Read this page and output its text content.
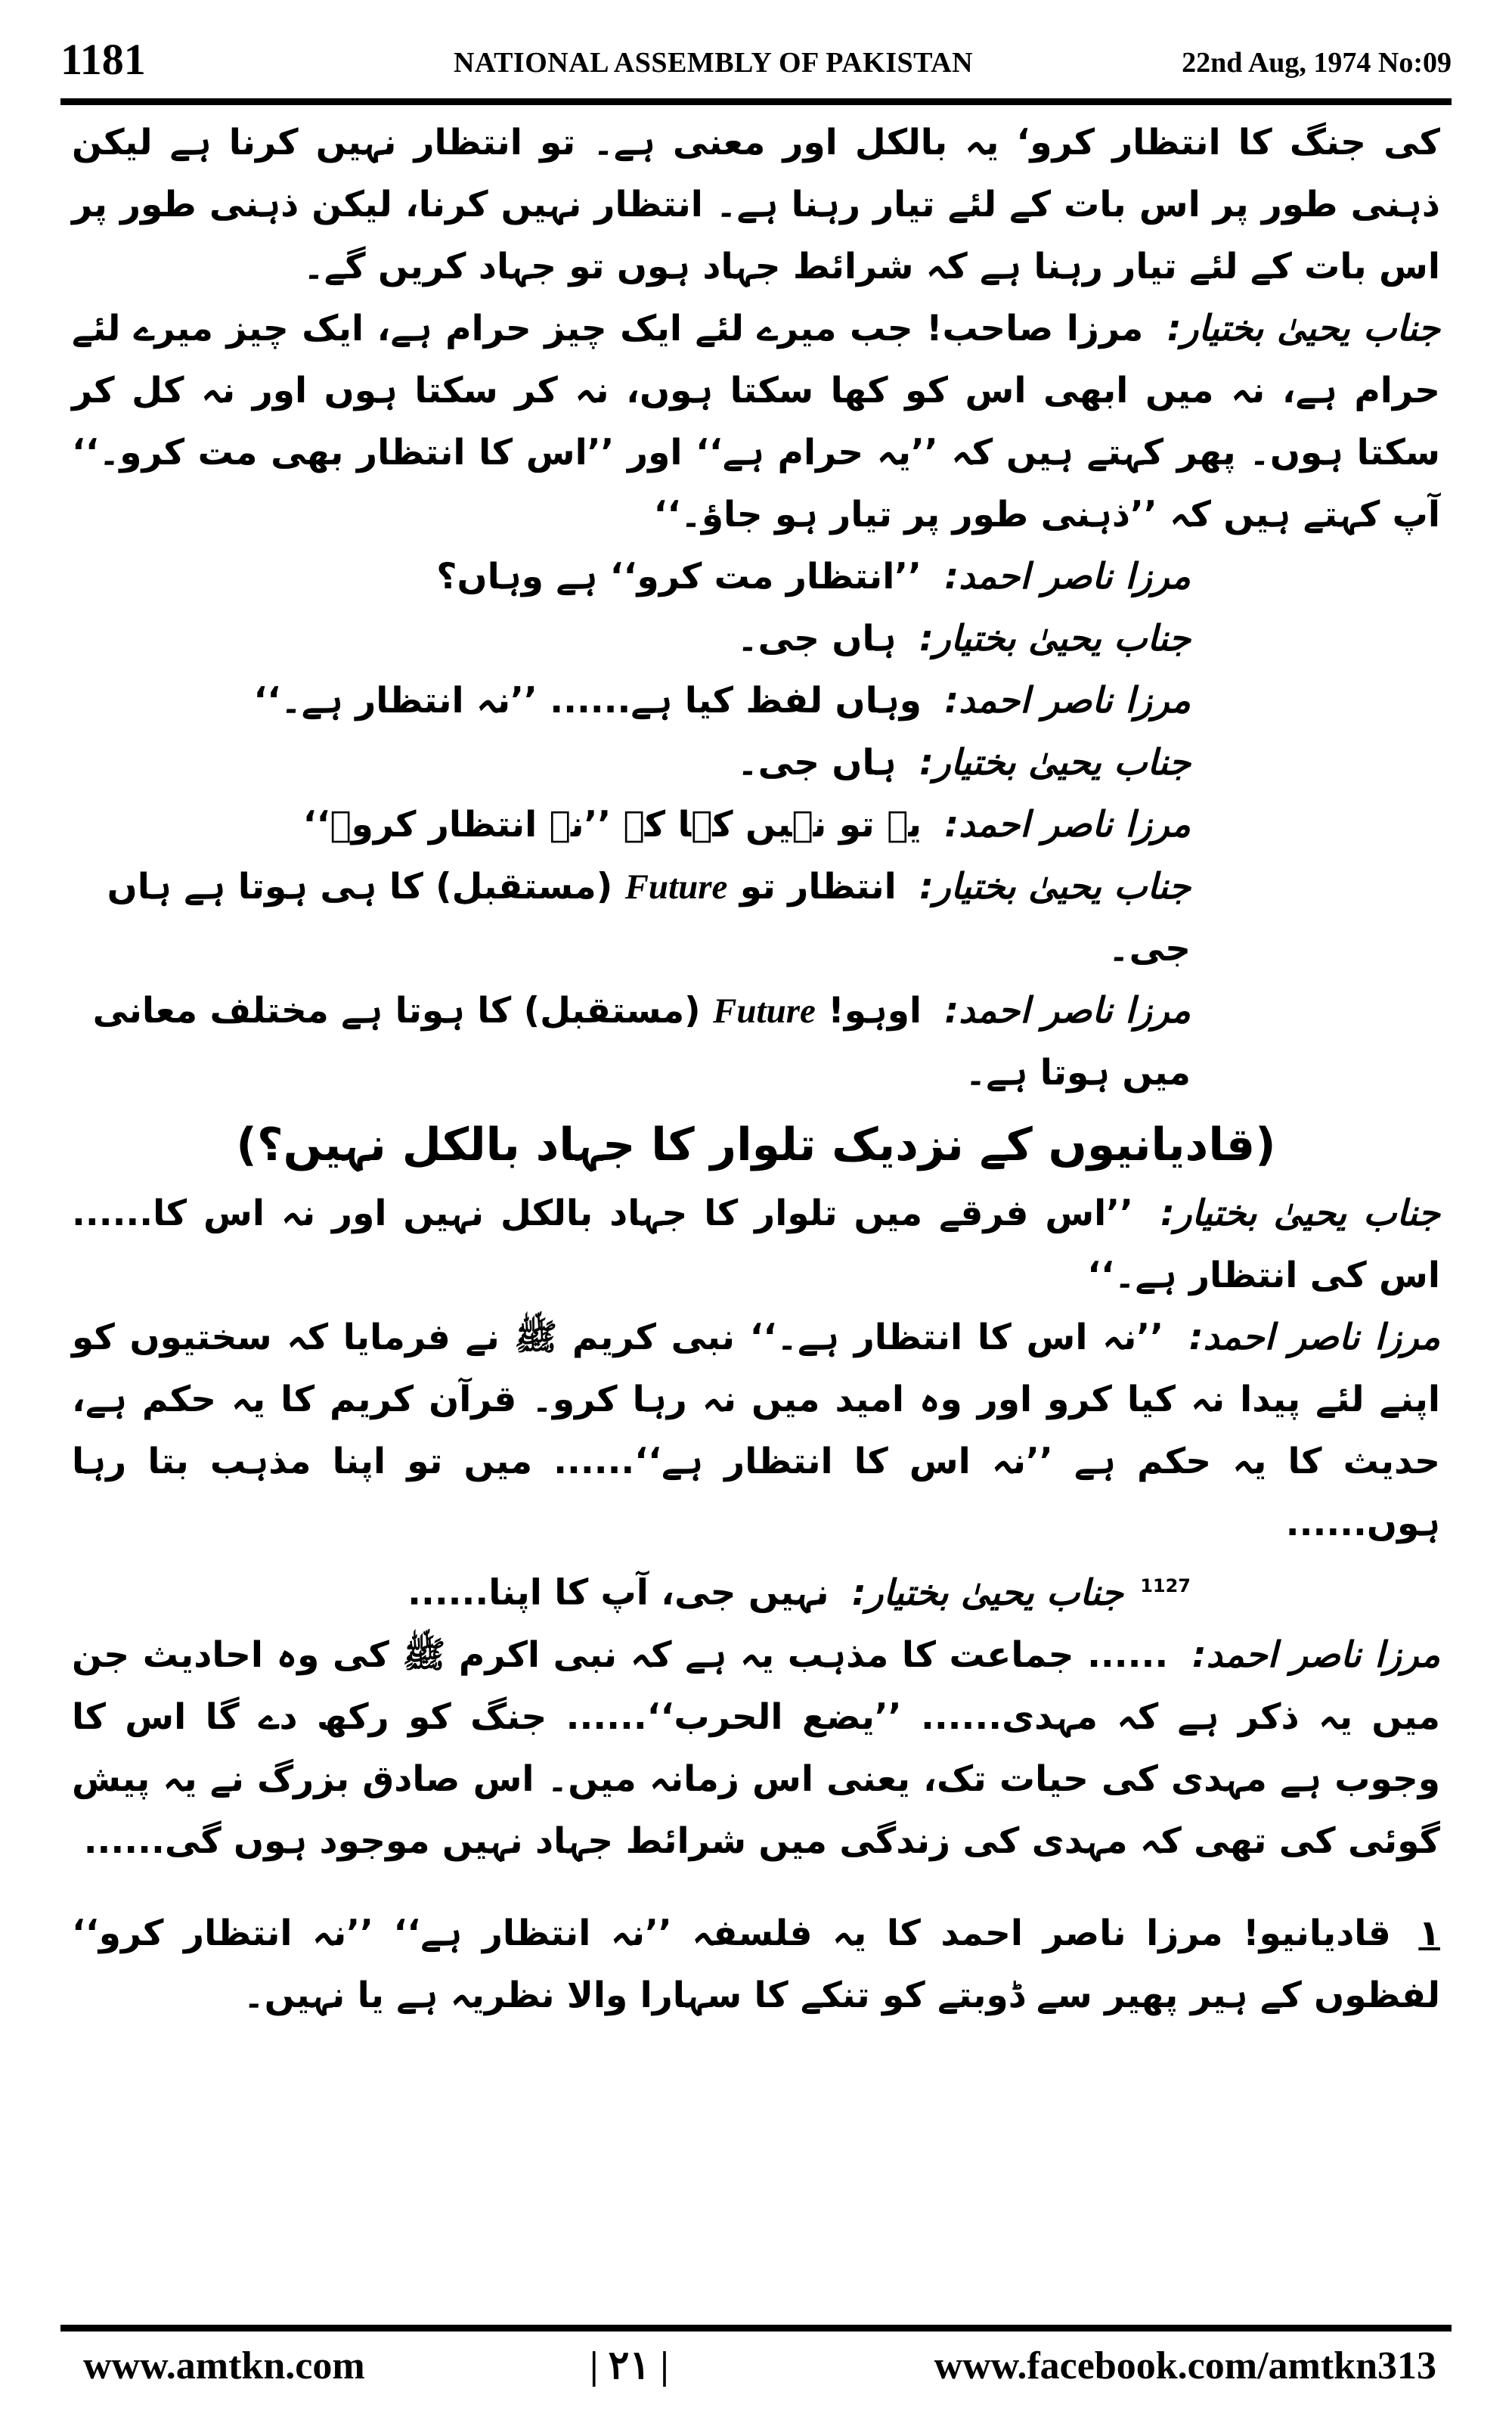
1181	NATIONAL ASSEMBLY OF PAKISTAN	22nd Aug, 1974 No:09

کی جنگ کا انتظار کرو‘ یہ بالکل اور معنی ہے۔ تو انتظار نہیں کرنا ہے لیکن ذہنی طور پر اس بات کے لئے تیار رہنا ہے۔ انتظار نہیں کرنا، لیکن ذہنی طور پر اس بات کے لئے تیار رہنا ہے کہ شرائط جہاد ہوں تو جہاد کریں گے۔

جناب یحییٰ بختیار: مرزا صاحب! جب میرے لئے ایک چیز حرام ہے، ایک چیز میرے لئے حرام ہے، نہ میں ابھی اس کو کھا سکتا ہوں، نہ کر سکتا ہوں اور نہ کل کر سکتا ہوں۔ پھر کہتے ہیں کہ ’’یہ حرام ہے‘‘ اور ’’اس کا انتظار بھی مت کرو۔‘‘ آپ کہتے ہیں کہ ’’ذہنی طور پر تیار ہو جاؤ۔‘‘

مرزا ناصر احمد: ’’انتظار مت کرو‘‘ ہے وہاں؟

جناب یحییٰ بختیار: ہاں جی۔

مرزا ناصر احمد: وہاں لفظ کیا ہے...... ’’نہ انتظار ہے۔‘‘

جناب یحییٰ بختیار: ہاں جی۔

مرزا ناصر احمد: یہ تو نہیں کہا کہ ’’نہ انتظار کروؓ‘‘

جناب یحییٰ بختیار: انتظار تو Future (مستقبل) کا ہی ہوتا ہے ہاں جی۔

مرزا ناصر احمد: اوہو! Future (مستقبل) کا ہوتا ہے مختلف معانی میں ہوتا ہے۔

(قادیانیوں کے نزدیک تلوار کا جہاد بالکل نہیں؟)

جناب یحییٰ بختیار: ’’اس فرقے میں تلوار کا جہاد بالکل نہیں اور نہ اس کا...... اس کی انتظار ہے۔‘‘

مرزا ناصر احمد: ’’نہ اس کا انتظار ہے۔‘‘ نبی کریم ﷺ نے فرمایا کہ سختیوں کو اپنے لئے پیدا نہ کیا کرو اور وہ امید میں نہ رہا کرو۔ قرآن کریم کا یہ حکم ہے، حدیث کا یہ حکم ہے ’’نہ اس کا انتظار ہے‘‘...... میں تو اپنا مذہب بتا رہا ہوں......

$^{1127}$ جناب یحییٰ بختیار: نہیں جی، آپ کا اپنا......

مرزا ناصر احمد: ...... جماعت کا مذہب یہ ہے کہ نبی اکرم ﷺ کی وہ احادیث جن میں یہ ذکر ہے کہ مہدی...... ’’یضع الحرب‘‘...... جنگ کو رکھ دے گا اس کا وجوب ہے مہدی کی حیات تک، یعنی اس زمانہ میں۔ اس صادق بزرگ نے یہ پیش گوئی کی تھی کہ مہدی کی زندگی میں شرائط جہاد نہیں موجود ہوں گی......

۱ قادیانیو! مرزا ناصر احمد کا یہ فلسفہ ’’نہ انتظار ہے‘‘ ’’نہ انتظار کرو‘‘ لفظوں کے ہیر پھیر سے ڈوبتے کو تنکے کا سہارا والا نظریہ ہے یا نہیں۔

www.amtkn.com	| ۲۱ |	www.facebook.com/amtkn313
